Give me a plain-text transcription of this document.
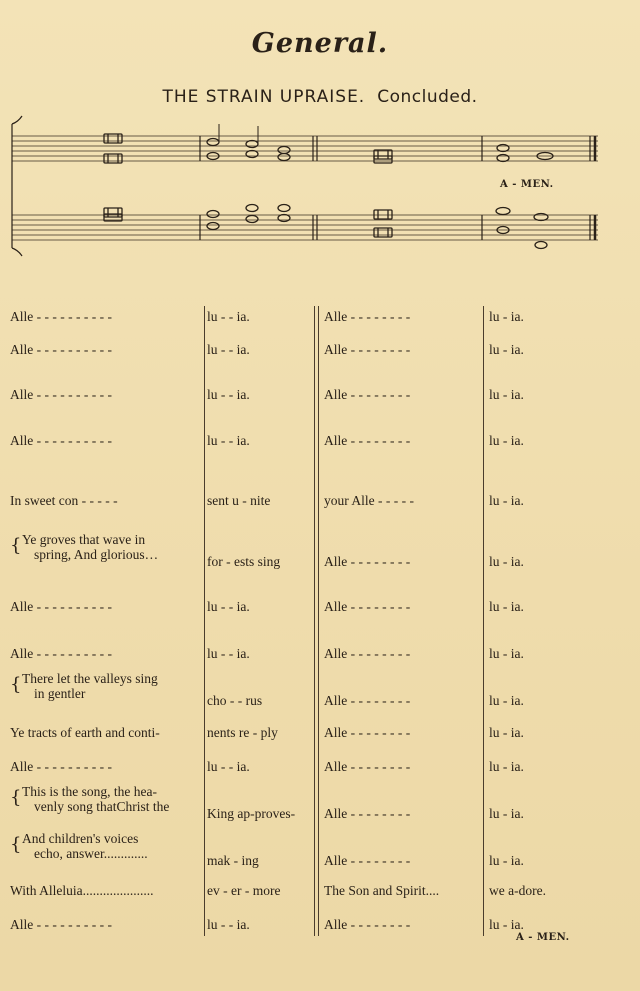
General.
THE STRAIN UPRAISE. Concluded.
A - MEN.
Alle - - - - - - - - - -	lu - - ia.	Alle - - - - - - - -	lu - ia.
Alle - - - - - - - - - -	lu - - ia.	Alle - - - - - - - -	lu - ia.
Alle - - - - - - - - - -	lu - - ia.	Alle - - - - - - - -	lu - ia.
Alle - - - - - - - - - -	lu - - ia.	Alle - - - - - - - -	lu - ia.
In sweet con - - - - -	sent u - nite	your Alle - - - - -	lu - ia.
{ Ye groves that wave in
spring, And glorious…	for - ests sing	Alle - - - - - - - -	lu - ia.
Alle - - - - - - - - - -	lu - - ia.	Alle - - - - - - - -	lu - ia.
Alle - - - - - - - - - -	lu - - ia.	Alle - - - - - - - -	lu - ia.
{ There let the valleys sing
in gentler	cho - - rus	Alle - - - - - - - -	lu - ia.
Ye tracts of earth and conti-	nents re - ply	Alle - - - - - - - -	lu - ia.
Alle - - - - - - - - - -	lu - - ia.	Alle - - - - - - - -	lu - ia.
{ This is the song, the hea-
venly song thatChrist the	King ap-proves-	Alle - - - - - - - -	lu - ia.
{ And children's voices
echo, answer.............	mak - ing	Alle - - - - - - - -	lu - ia.
With Alleluia.....................	ev - er - more	The Son and Spirit....	we a-dore.
Alle - - - - - - - - - -	lu - - ia.	Alle - - - - - - - -	lu - ia.
A - MEN.
